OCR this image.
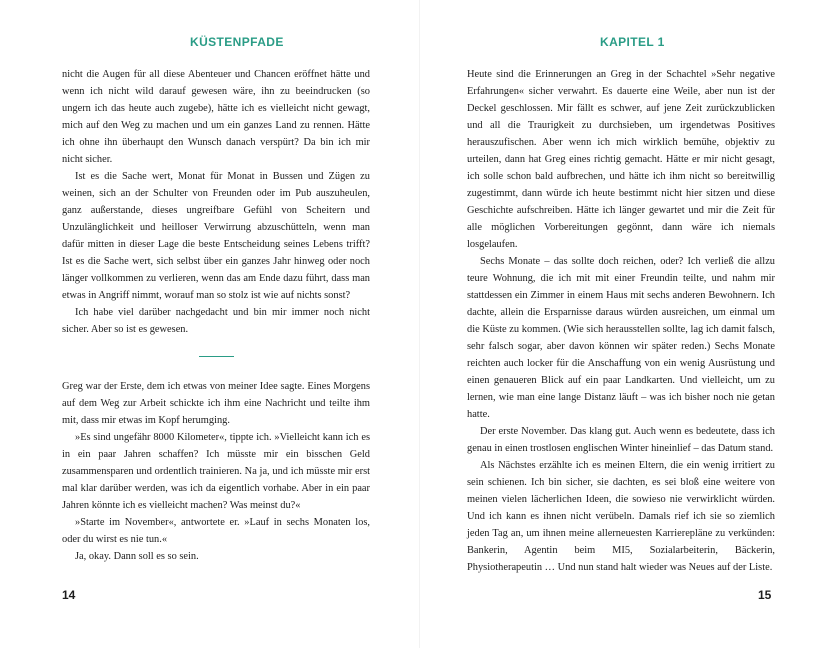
KÜSTENPFADE

nicht die Augen für all diese Abenteuer und Chancen eröffnet hätte und wenn ich nicht wild darauf gewesen wäre, ihn zu beeindrucken (so ungern ich das heute auch zugebe), hätte ich es vielleicht nicht gewagt, mich auf den Weg zu machen und um ein ganzes Land zu rennen. Hätte ich ohne ihn überhaupt den Wunsch danach verspürt? Da bin ich mir nicht sicher.

Ist es die Sache wert, Monat für Monat in Bussen und Zügen zu weinen, sich an der Schulter von Freunden oder im Pub auszuheulen, ganz außerstande, dieses ungreifbare Gefühl von Scheitern und Unzulänglichkeit und heilloser Verwirrung abzuschütteln, wenn man dafür mitten in dieser Lage die beste Entscheidung seines Lebens trifft? Ist es die Sache wert, sich selbst über ein ganzes Jahr hinweg oder noch länger vollkommen zu verlieren, wenn das am Ende dazu führt, dass man etwas in Angriff nimmt, worauf man so stolz ist wie auf nichts sonst?

Ich habe viel darüber nachgedacht und bin mir immer noch nicht sicher. Aber so ist es gewesen.

Greg war der Erste, dem ich etwas von meiner Idee sagte. Eines Morgens auf dem Weg zur Arbeit schickte ich ihm eine Nachricht und teilte ihm mit, dass mir etwas im Kopf herumging.

»Es sind ungefähr 8000 Kilometer«, tippte ich. »Vielleicht kann ich es in ein paar Jahren schaffen? Ich müsste mir ein bisschen Geld zusammensparen und ordentlich trainieren. Na ja, und ich müsste mir erst mal klar darüber werden, was ich da eigentlich vorhabe. Aber in ein paar Jahren könnte ich es vielleicht machen? Was meinst du?«

»Starte im November«, antwortete er. »Lauf in sechs Monaten los, oder du wirst es nie tun.«

Ja, okay. Dann soll es so sein.

14
KAPITEL 1

Heute sind die Erinnerungen an Greg in der Schachtel »Sehr negative Erfahrungen« sicher verwahrt. Es dauerte eine Weile, aber nun ist der Deckel geschlossen. Mir fällt es schwer, auf jene Zeit zurückzublicken und all die Traurigkeit zu durchsieben, um irgendetwas Positives herauszufischen. Aber wenn ich mich wirklich bemühe, objektiv zu urteilen, dann hat Greg eines richtig gemacht. Hätte er mir nicht gesagt, ich solle schon bald aufbrechen, und hätte ich ihm nicht so bereitwillig zugestimmt, dann würde ich heute bestimmt nicht hier sitzen und diese Geschichte aufschreiben. Hätte ich länger gewartet und mir die Zeit für alle möglichen Vorbereitungen gegönnt, dann wäre ich niemals losgelaufen.

Sechs Monate – das sollte doch reichen, oder? Ich verließ die allzu teure Wohnung, die ich mit mit einer Freundin teilte, und nahm mir stattdessen ein Zimmer in einem Haus mit sechs anderen Bewohnern. Ich dachte, allein die Ersparnisse daraus würden ausreichen, um einmal um die Küste zu kommen. (Wie sich herausstellen sollte, lag ich damit falsch, sehr falsch sogar, aber davon können wir später reden.) Sechs Monate reichten auch locker für die Anschaffung von ein wenig Ausrüstung und einen genaueren Blick auf ein paar Landkarten. Und vielleicht, um zu lernen, wie man eine lange Distanz läuft – was ich bisher noch nie getan hatte.

Der erste November. Das klang gut. Auch wenn es bedeutete, dass ich genau in einen trostlosen englischen Winter hineinlief – das Datum stand.

Als Nächstes erzählte ich es meinen Eltern, die ein wenig irritiert zu sein schienen. Ich bin sicher, sie dachten, es sei bloß eine weitere von meinen vielen lächerlichen Ideen, die sowieso nie verwirklicht würden. Und ich kann es ihnen nicht verübeln. Damals rief ich sie so ziemlich jeden Tag an, um ihnen meine allerneuesten Karrierepläne zu verkünden: Bankerin, Agentin beim MI5, Sozialarbeiterin, Bäckerin, Physiotherapeutin … Und nun stand halt wieder was Neues auf der Liste.

15
